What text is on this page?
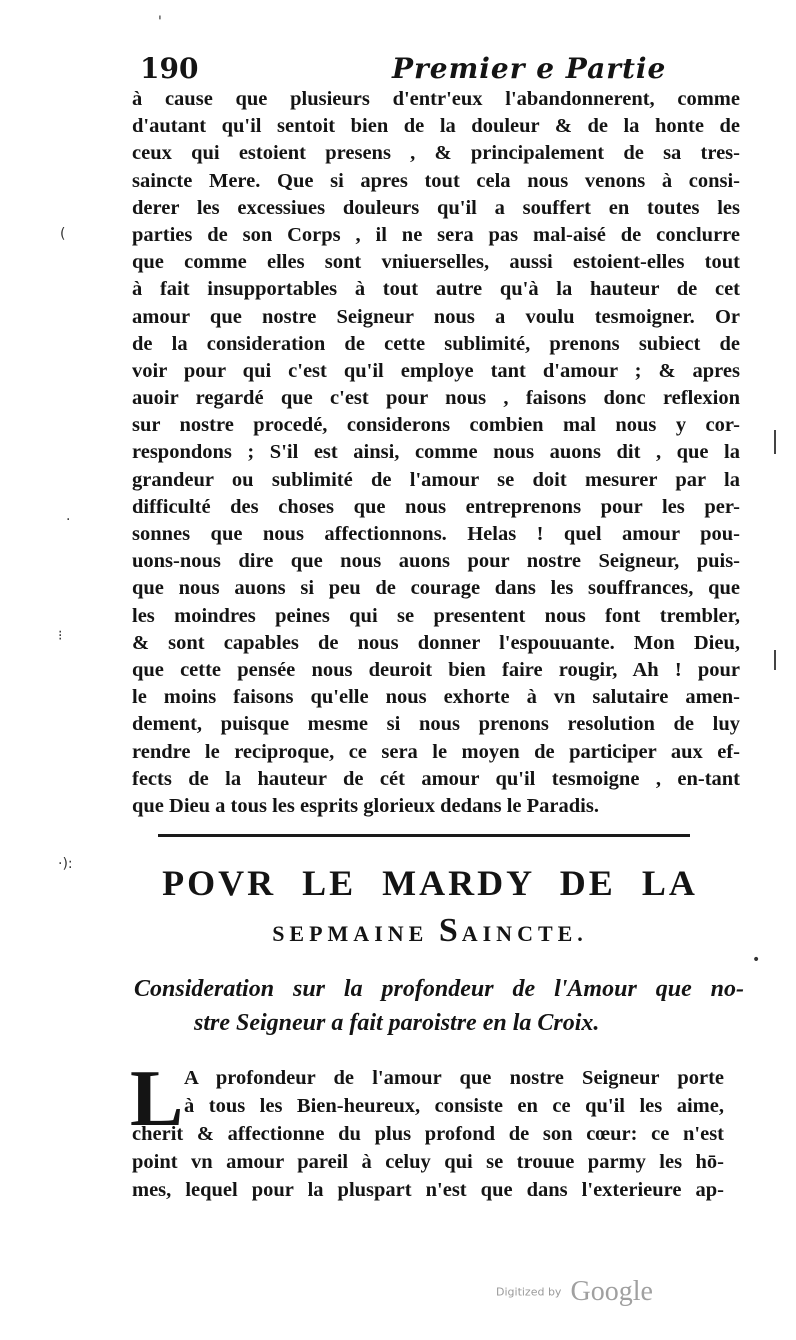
'
(
·
⁝
·):
•
190	Premier e Partie
à cause que plusieurs d'entr'eux l'abandonnerent, comme
d'autant qu'il sentoit bien de la douleur & de la honte de
ceux qui estoient presens , & principalement de sa tres-
saincte Mere. Que si apres tout cela nous venons à consi-
derer les excessiues douleurs qu'il a souffert en toutes les
parties de son Corps , il ne sera pas mal-aisé de conclurre
que comme elles sont vniuerselles, aussi estoient-elles tout
à fait insupportables à tout autre qu'à la hauteur de cet
amour que nostre Seigneur nous a voulu tesmoigner. Or
de la consideration de cette sublimité, prenons subiect de
voir pour qui c'est qu'il employe tant d'amour ; & apres
auoir regardé que c'est pour nous , faisons donc reflexion
sur nostre procedé, considerons combien mal nous y cor-
respondons ; S'il est ainsi, comme nous auons dit , que la
grandeur ou sublimité de l'amour se doit mesurer par la
difficulté des choses que nous entreprenons pour les per-
sonnes que nous affectionnons. Helas ! quel amour pou-
uons-nous dire que nous auons pour nostre Seigneur, puis-
que nous auons si peu de courage dans les souffrances, que
les moindres peines qui se presentent nous font trembler,
& sont capables de nous donner l'espouuante. Mon Dieu,
que cette pensée nous deuroit bien faire rougir, Ah ! pour
le moins faisons qu'elle nous exhorte à vn salutaire amen-
dement, puisque mesme si nous prenons resolution de luy
rendre le reciproque, ce sera le moyen de participer aux ef-
fects de la hauteur de cét amour qu'il tesmoigne , en-tant
que Dieu a tous les esprits glorieux dedans le Paradis.
POVR LE MARDY DE LA
SEPMAINE SAINCTE.
Consideration sur la profondeur de l'Amour que no-
stre Seigneur a fait paroistre en la Croix.
L A profondeur de l'amour que nostre Seigneur porte
à tous les Bien-heureux, consiste en ce qu'il les aime,
cherit & affectionne du plus profond de son cœur: ce n'est
point vn amour pareil à celuy qui se trouue parmy les hō-
mes, lequel pour la pluspart n'est que dans l'exterieure ap-
Digitized by Google
